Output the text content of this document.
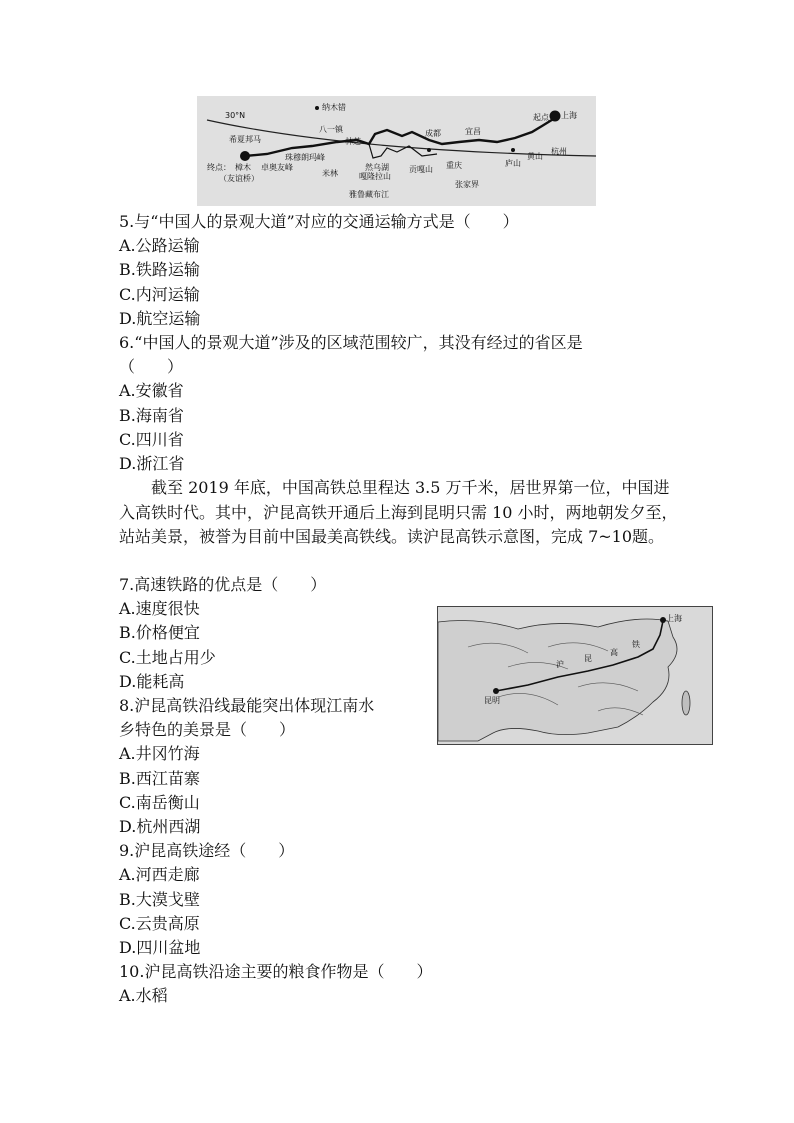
30°N
纳木错
八一镇
林芝
成都	宜昌
起点 上海
杭州
黄山
庐山
张家界
重庆
贡嘎山
然乌湖
嘎隆拉山
雅鲁藏布江
米林
珠穆朗玛峰
卓奥友峰
希夏邦马
终点： 樟木
（友谊桥）
5.与“中国人的景观大道”对应的交通运输方式是（　　）
A.公路运输
B.铁路运输
C.内河运输
D.航空运输
6.“中国人的景观大道”涉及的区域范围较广，其没有经过的省区是
（　　）
A.安徽省
B.海南省
C.四川省
D.浙江省
截至 2019 年底，中国高铁总里程达 3.5 万千米，居世界第一位，中国进入高铁时代。其中，沪昆高铁开通后上海到昆明只需 10 小时，两地朝发夕至，站站美景，被誉为目前中国最美高铁线。读沪昆高铁示意图，完成 7~10题。
7.高速铁路的优点是（　　）
A.速度很快
B.价格便宜
C.土地占用少
D.能耗高
上海
昆明
沪
昆
高
铁
8.沪昆高铁沿线最能突出体现江南水
乡特色的美景是（　　）
A.井冈竹海
B.西江苗寨
C.南岳衡山
D.杭州西湖
9.沪昆高铁途经（　　）
A.河西走廊
B.大漠戈壁
C.云贵高原
D.四川盆地
10.沪昆高铁沿途主要的粮食作物是（　　）
A.水稻
